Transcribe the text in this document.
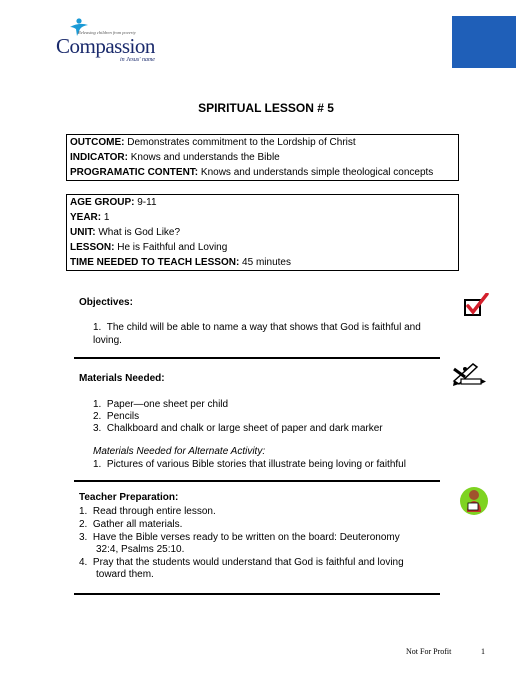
Releasing children from poverty
Compassion
in Jesus' name
SPIRITUAL LESSON # 5
OUTCOME: Demonstrates commitment to the Lordship of Christ
INDICATOR: Knows and understands the Bible
PROGRAMATIC CONTENT: Knows and understands simple theological concepts
AGE GROUP: 9-11
YEAR: 1
UNIT: What is God Like?
LESSON: He is Faithful and Loving
TIME NEEDED TO TEACH LESSON: 45 minutes
Objectives:
1. The child will be able to name a way that shows that God is faithful and
loving.
Materials Needed:
1. Paper—one sheet per child
2. Pencils
3. Chalkboard and chalk or large sheet of paper and dark marker
Materials Needed for Alternate Activity:
1. Pictures of various Bible stories that illustrate being loving or faithful
Teacher Preparation:
1. Read through entire lesson.
2. Gather all materials.
3. Have the Bible verses ready to be written on the board: Deuteronomy
32:4, Psalms 25:10.
4. Pray that the students would understand that God is faithful and loving
toward them.
Not For Profit	1
